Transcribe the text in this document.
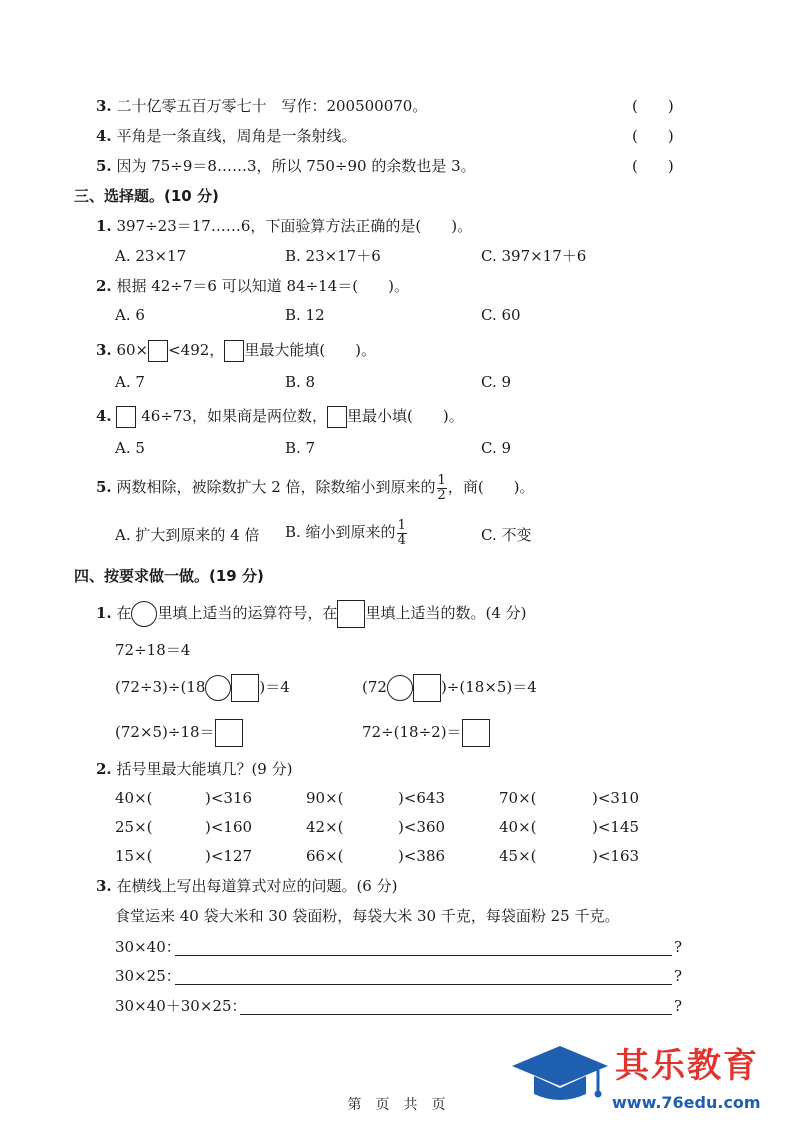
3. 二十亿零五百万零七十　写作：200500070。	(　　)
4. 平角是一条直线，周角是一条射线。	(　　)
5. 因为 75÷9＝8……3，所以 750÷90 的余数也是 3。	(　　)
三、选择题。(10 分)
1. 397÷23＝17……6，下面验算方法正确的是(　　)。
A. 23×17	B. 23×17＋6	C. 397×17＋6
2. 根据 42÷7＝6 可以知道 84÷14＝(　　)。
A. 6	B. 12	C. 60
3. 60× <492， 里最大能填(　　)。
A. 7	B. 8	C. 9
4. 46÷73，如果商是两位数， 里最小填(　　)。
A. 5	B. 7	C. 9
5. 两数相除，被除数扩大 2 倍，除数缩小到原来的 $\frac{1}{2}$ ，商(　　)。
A. 扩大到原来的 4 倍 B. 缩小到原来的 $\frac{1}{4}$	C. 不变
四、按要求做一做。(19 分)
1. 在 里填上适当的运算符号，在 里填上适当的数。(4 分)
72÷18＝4
(72÷3)÷(18	)＝4	(72	)÷(18×5)＝4
(72×5)÷18＝	72÷(18÷2)＝
2. 括号里最大能填几？(9 分)
40×(	)<316	90×(	)<643	70×(	)<310
25×(	)<160	42×(	)<360	40×(	)<145
15×(	)<127	66×(	)<386	45×(	)<163
3. 在横线上写出每道算式对应的问题。(6 分)
食堂运来 40 袋大米和 30 袋面粉，每袋大米 30 千克，每袋面粉 25 千克。
30×40：	?
30×25：	?
30×40＋30×25：	?
其乐教育
www.76edu.com
第　页　共　页
